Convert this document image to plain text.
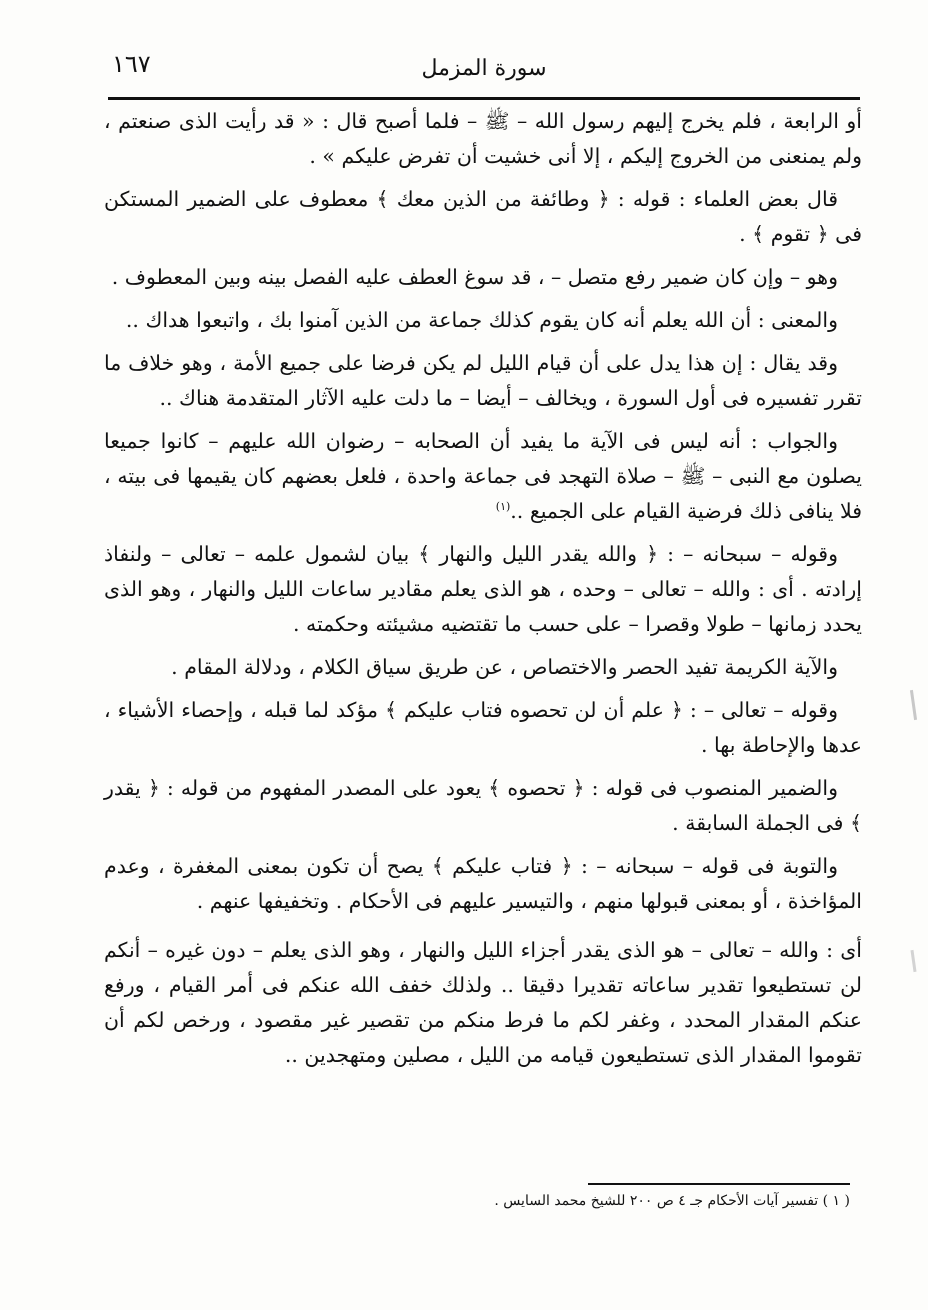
١٦٧	سورة المزمل

أو الرابعة ، فلم يخرج إليهم رسول الله – ﷺ – فلما أصبح قال : « قد رأيت الذى صنعتم ، ولم يمنعنى من الخروج إليكم ، إلا أنى خشيت أن تفرض عليكم » .

قال بعض العلماء : قوله : ﴿ وطائفة من الذين معك ﴾ معطوف على الضمير المستكن فى ﴿ تقوم ﴾ .

وهو – وإن كان ضمير رفع متصل – ، قد سوغ العطف عليه الفصل بينه وبين المعطوف .

والمعنى : أن الله يعلم أنه كان يقوم كذلك جماعة من الذين آمنوا بك ، واتبعوا هداك ..

وقد يقال : إن هذا يدل على أن قيام الليل لم يكن فرضا على جميع الأمة ، وهو خلاف ما تقرر تفسيره فى أول السورة ، ويخالف – أيضا – ما دلت عليه الآثار المتقدمة هناك ..

والجواب : أنه ليس فى الآية ما يفيد أن الصحابه – رضوان الله عليهم – كانوا جميعا يصلون مع النبى – ﷺ – صلاة التهجد فى جماعة واحدة ، فلعل بعضهم كان يقيمها فى بيته ، فلا ينافى ذلك فرضية القيام على الجميع ..$^{(١)}$

وقوله – سبحانه – : ﴿ والله يقدر الليل والنهار ﴾ بيان لشمول علمه – تعالى – ولنفاذ إرادته . أى : والله – تعالى – وحده ، هو الذى يعلم مقادير ساعات الليل والنهار ، وهو الذى يحدد زمانها – طولا وقصرا – على حسب ما تقتضيه مشيئته وحكمته .

والآية الكريمة تفيد الحصر والاختصاص ، عن طريق سياق الكلام ، ودلالة المقام .

وقوله – تعالى – : ﴿ علم أن لن تحصوه فتاب عليكم ﴾ مؤكد لما قبله ، وإحصاء الأشياء ، عدها والإحاطة بها .

والضمير المنصوب فى قوله : ﴿ تحصوه ﴾ يعود على المصدر المفهوم من قوله : ﴿ يقدر ﴾ فى الجملة السابقة .

والتوبة فى قوله – سبحانه – : ﴿ فتاب عليكم ﴾ يصح أن تكون بمعنى المغفرة ، وعدم المؤاخذة ، أو بمعنى قبولها منهم ، والتيسير عليهم فى الأحكام . وتخفيفها عنهم .

أى : والله – تعالى – هو الذى يقدر أجزاء الليل والنهار ، وهو الذى يعلم – دون غيره – أنكم لن تستطيعوا تقدير ساعاته تقديرا دقيقا .. ولذلك خفف الله عنكم فى أمر القيام ، ورفع عنكم المقدار المحدد ، وغفر لكم ما فرط منكم من تقصير غير مقصود ، ورخص لكم أن تقوموا المقدار الذى تستطيعون قيامه من الليل ، مصلين ومتهجدين ..

( ١ ) تفسير آيات الأحكام جـ ٤ ص ٢٠٠ للشيخ محمد السايس .
